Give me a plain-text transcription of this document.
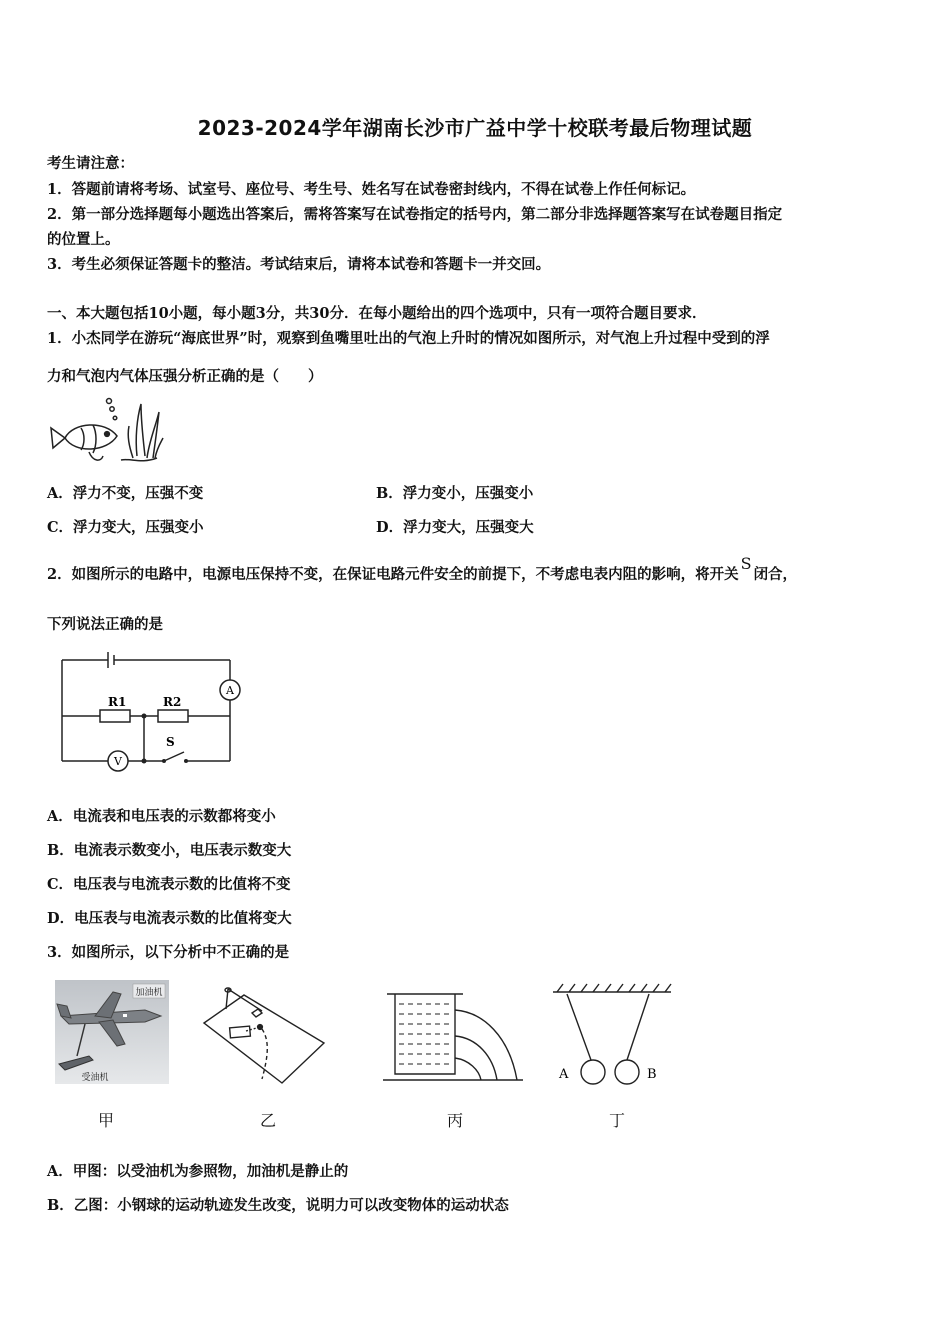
2023-2024学年湖南长沙市广益中学十校联考最后物理试题
考生请注意：
1．答题前请将考场、试室号、座位号、考生号、姓名写在试卷密封线内，不得在试卷上作任何标记。
2．第一部分选择题每小题选出答案后，需将答案写在试卷指定的括号内，第二部分非选择题答案写在试卷题目指定
的位置上。
3．考生必须保证答题卡的整洁。考试结束后，请将本试卷和答题卡一并交回。
一、本大题包括10小题，每小题3分，共30分．在每小题给出的四个选项中，只有一项符合题目要求．
1．小杰同学在游玩“海底世界”时，观察到鱼嘴里吐出的气泡上升时的情况如图所示，对气泡上升过程中受到的浮
力和气泡内气体压强分析正确的是（　　）
A．浮力不变，压强不变	B．浮力变小，压强变小
C．浮力变大，压强变小	D．浮力变大，压强变大
2．如图所示的电路中，电源电压保持不变，在保证电路元件安全的前提下，不考虑电表内阻的影响，将开关S闭合，
下列说法正确的是
A
V
R1	R2
S
A．电流表和电压表的示数都将变小
B．电流表示数变小，电压表示数变大
C．电压表与电流表示数的比值将不变
D．电压表与电流表示数的比值将变大
3．如图所示，以下分析中不正确的是
加油机
受油机	A	B
甲	乙	丙	丁
A．甲图：以受油机为参照物，加油机是静止的
B．乙图：小钢球的运动轨迹发生改变，说明力可以改变物体的运动状态
